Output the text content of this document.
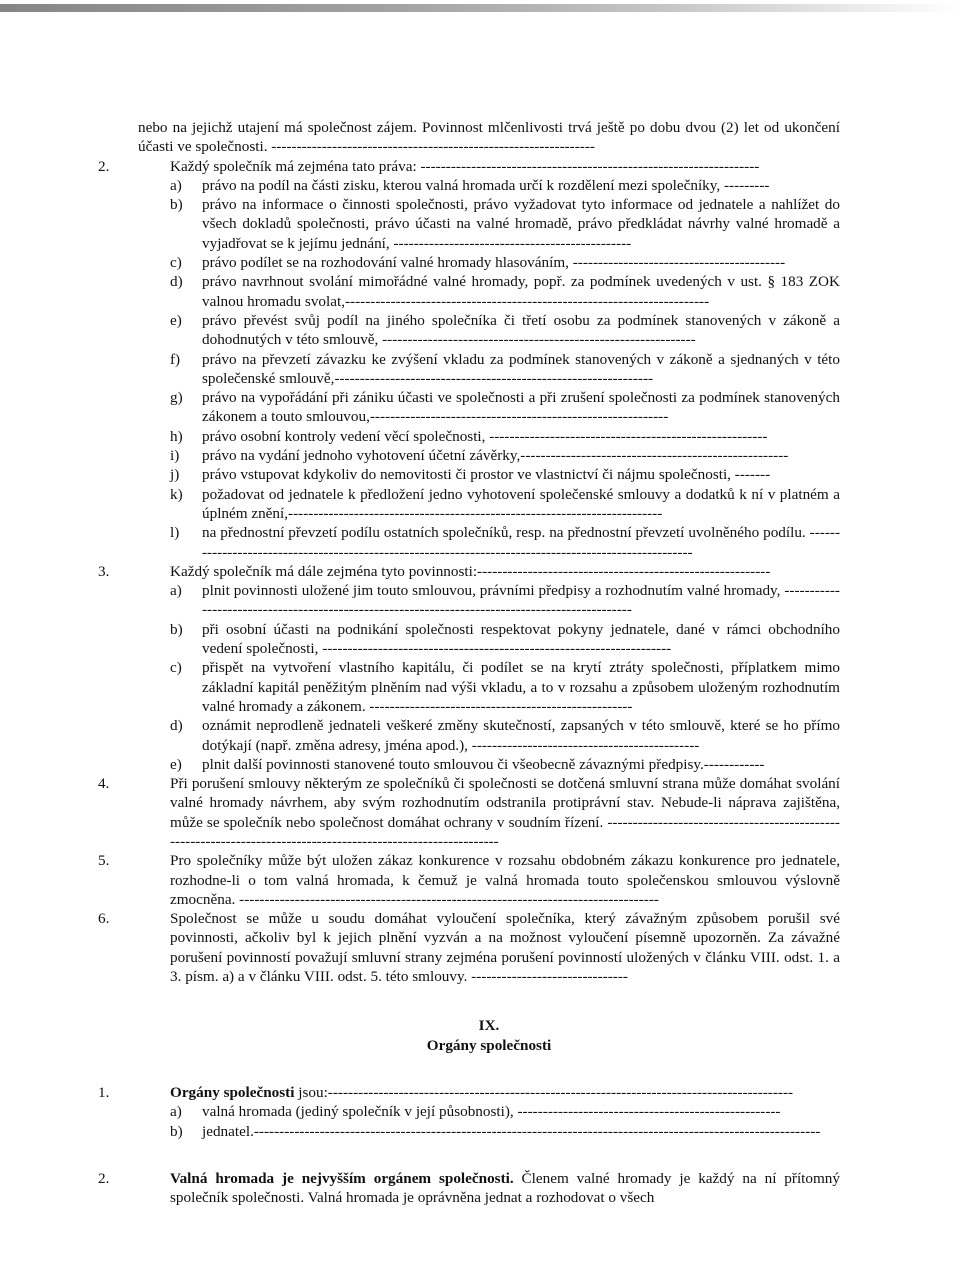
nebo na jejichž utajení má společnost zájem. Povinnost mlčenlivosti trvá ještě po dobu dvou (2) let od ukončení účasti ve společnosti. ----------------------------------------------------------------
2.	Každý společník má zejména tato práva: -------------------------------------------------------------------
a) právo na podíl na části zisku, kterou valná hromada určí k rozdělení mezi společníky, ---------
b) právo na informace o činnosti společnosti, právo vyžadovat tyto informace od jednatele a nahlížet do všech dokladů společnosti, právo účasti na valné hromadě, právo předkládat návrhy valné hromadě a vyjadřovat se k jejímu jednání, -----------------------------------------------
c) právo podílet se na rozhodování valné hromady hlasováním, ------------------------------------------
d) právo navrhnout svolání mimořádné valné hromady, popř. za podmínek uvedených v ust. § 183 ZOK valnou hromadu svolat,------------------------------------------------------------------------
e) právo převést svůj podíl na jiného společníka či třetí osobu za podmínek stanovených v zákoně a dohodnutých v této smlouvě, --------------------------------------------------------------
f) právo na převzetí závazku ke zvýšení vkladu za podmínek stanovených v zákoně a sjednaných v této společenské smlouvě,---------------------------------------------------------------
g) právo na vypořádání při zániku účasti ve společnosti a při zrušení společnosti za podmínek stanovených zákonem a touto smlouvou,-----------------------------------------------------------
h) právo osobní kontroly vedení věcí společnosti, -------------------------------------------------------
i) právo na vydání jednoho vyhotovení účetní závěrky,-----------------------------------------------------
j) právo vstupovat kdykoliv do nemovitosti či prostor ve vlastnictví či nájmu společnosti, -------
k) požadovat od jednatele k předložení jedno vyhotovení společenské smlouvy a dodatků k ní v platném a úplném znění,--------------------------------------------------------------------------
l) na přednostní převzetí podílu ostatních společníků, resp. na přednostní převzetí uvolněného podílu. -------------------------------------------------------------------------------------------------------
3.	Každý společník má dále zejména tyto povinnosti:----------------------------------------------------------
a) plnit povinnosti uložené jim touto smlouvou, právními předpisy a rozhodnutím valné hromady, ------------------------------------------------------------------------------------------------
b) při osobní účasti na podnikání společnosti respektovat pokyny jednatele, dané v rámci obchodního vedení společnosti, ---------------------------------------------------------------------
c) přispět na vytvoření vlastního kapitálu, či podílet se na krytí ztráty společnosti, příplatkem mimo základní kapitál peněžitým plněním nad výši vkladu, a to v rozsahu a způsobem uloženým rozhodnutím valné hromady a zákonem. ----------------------------------------------------
d) oznámit neprodleně jednateli veškeré změny skutečností, zapsaných v této smlouvě, které se ho přímo dotýkají (např. změna adresy, jména apod.), ---------------------------------------------
e) plnit další povinnosti stanovené touto smlouvou či všeobecně závaznými předpisy.------------
4.	Při porušení smlouvy některým ze společníků či společnosti se dotčená smluvní strana může domáhat svolání valné hromady návrhem, aby svým rozhodnutím odstranila protiprávní stav. Nebude-li náprava zajištěna, může se společník nebo společnost domáhat ochrany v soudním řízení. ---------------------------------------------------------------------------------------------------------------
5.	Pro společníky může být uložen zákaz konkurence v rozsahu obdobném zákazu konkurence pro jednatele, rozhodne-li o tom valná hromada, k čemuž je valná hromada touto společenskou smlouvou výslovně zmocněna. -----------------------------------------------------------------------------------
6.	Společnost se může u soudu domáhat vyloučení společníka, který závažným způsobem porušil své povinnosti, ačkoliv byl k jejich plnění vyzván a na možnost vyloučení písemně upozorněn. Za závažné porušení povinností považují smluvní strany zejména porušení povinností uložených v článku VIII. odst. 1. a 3. písm. a) a v článku VIII. odst. 5. této smlouvy. -------------------------------
IX.
Orgány společnosti
1.	Orgány společnosti jsou:--------------------------------------------------------------------------------------------
a) valná hromada (jediný společník v její působnosti), ----------------------------------------------------
b) jednatel.----------------------------------------------------------------------------------------------------------------
2.	Valná hromada je nejvyšším orgánem společnosti. Členem valné hromady je každý na ní přítomný společník společnosti. Valná hromada je oprávněna jednat a rozhodovat o všech
